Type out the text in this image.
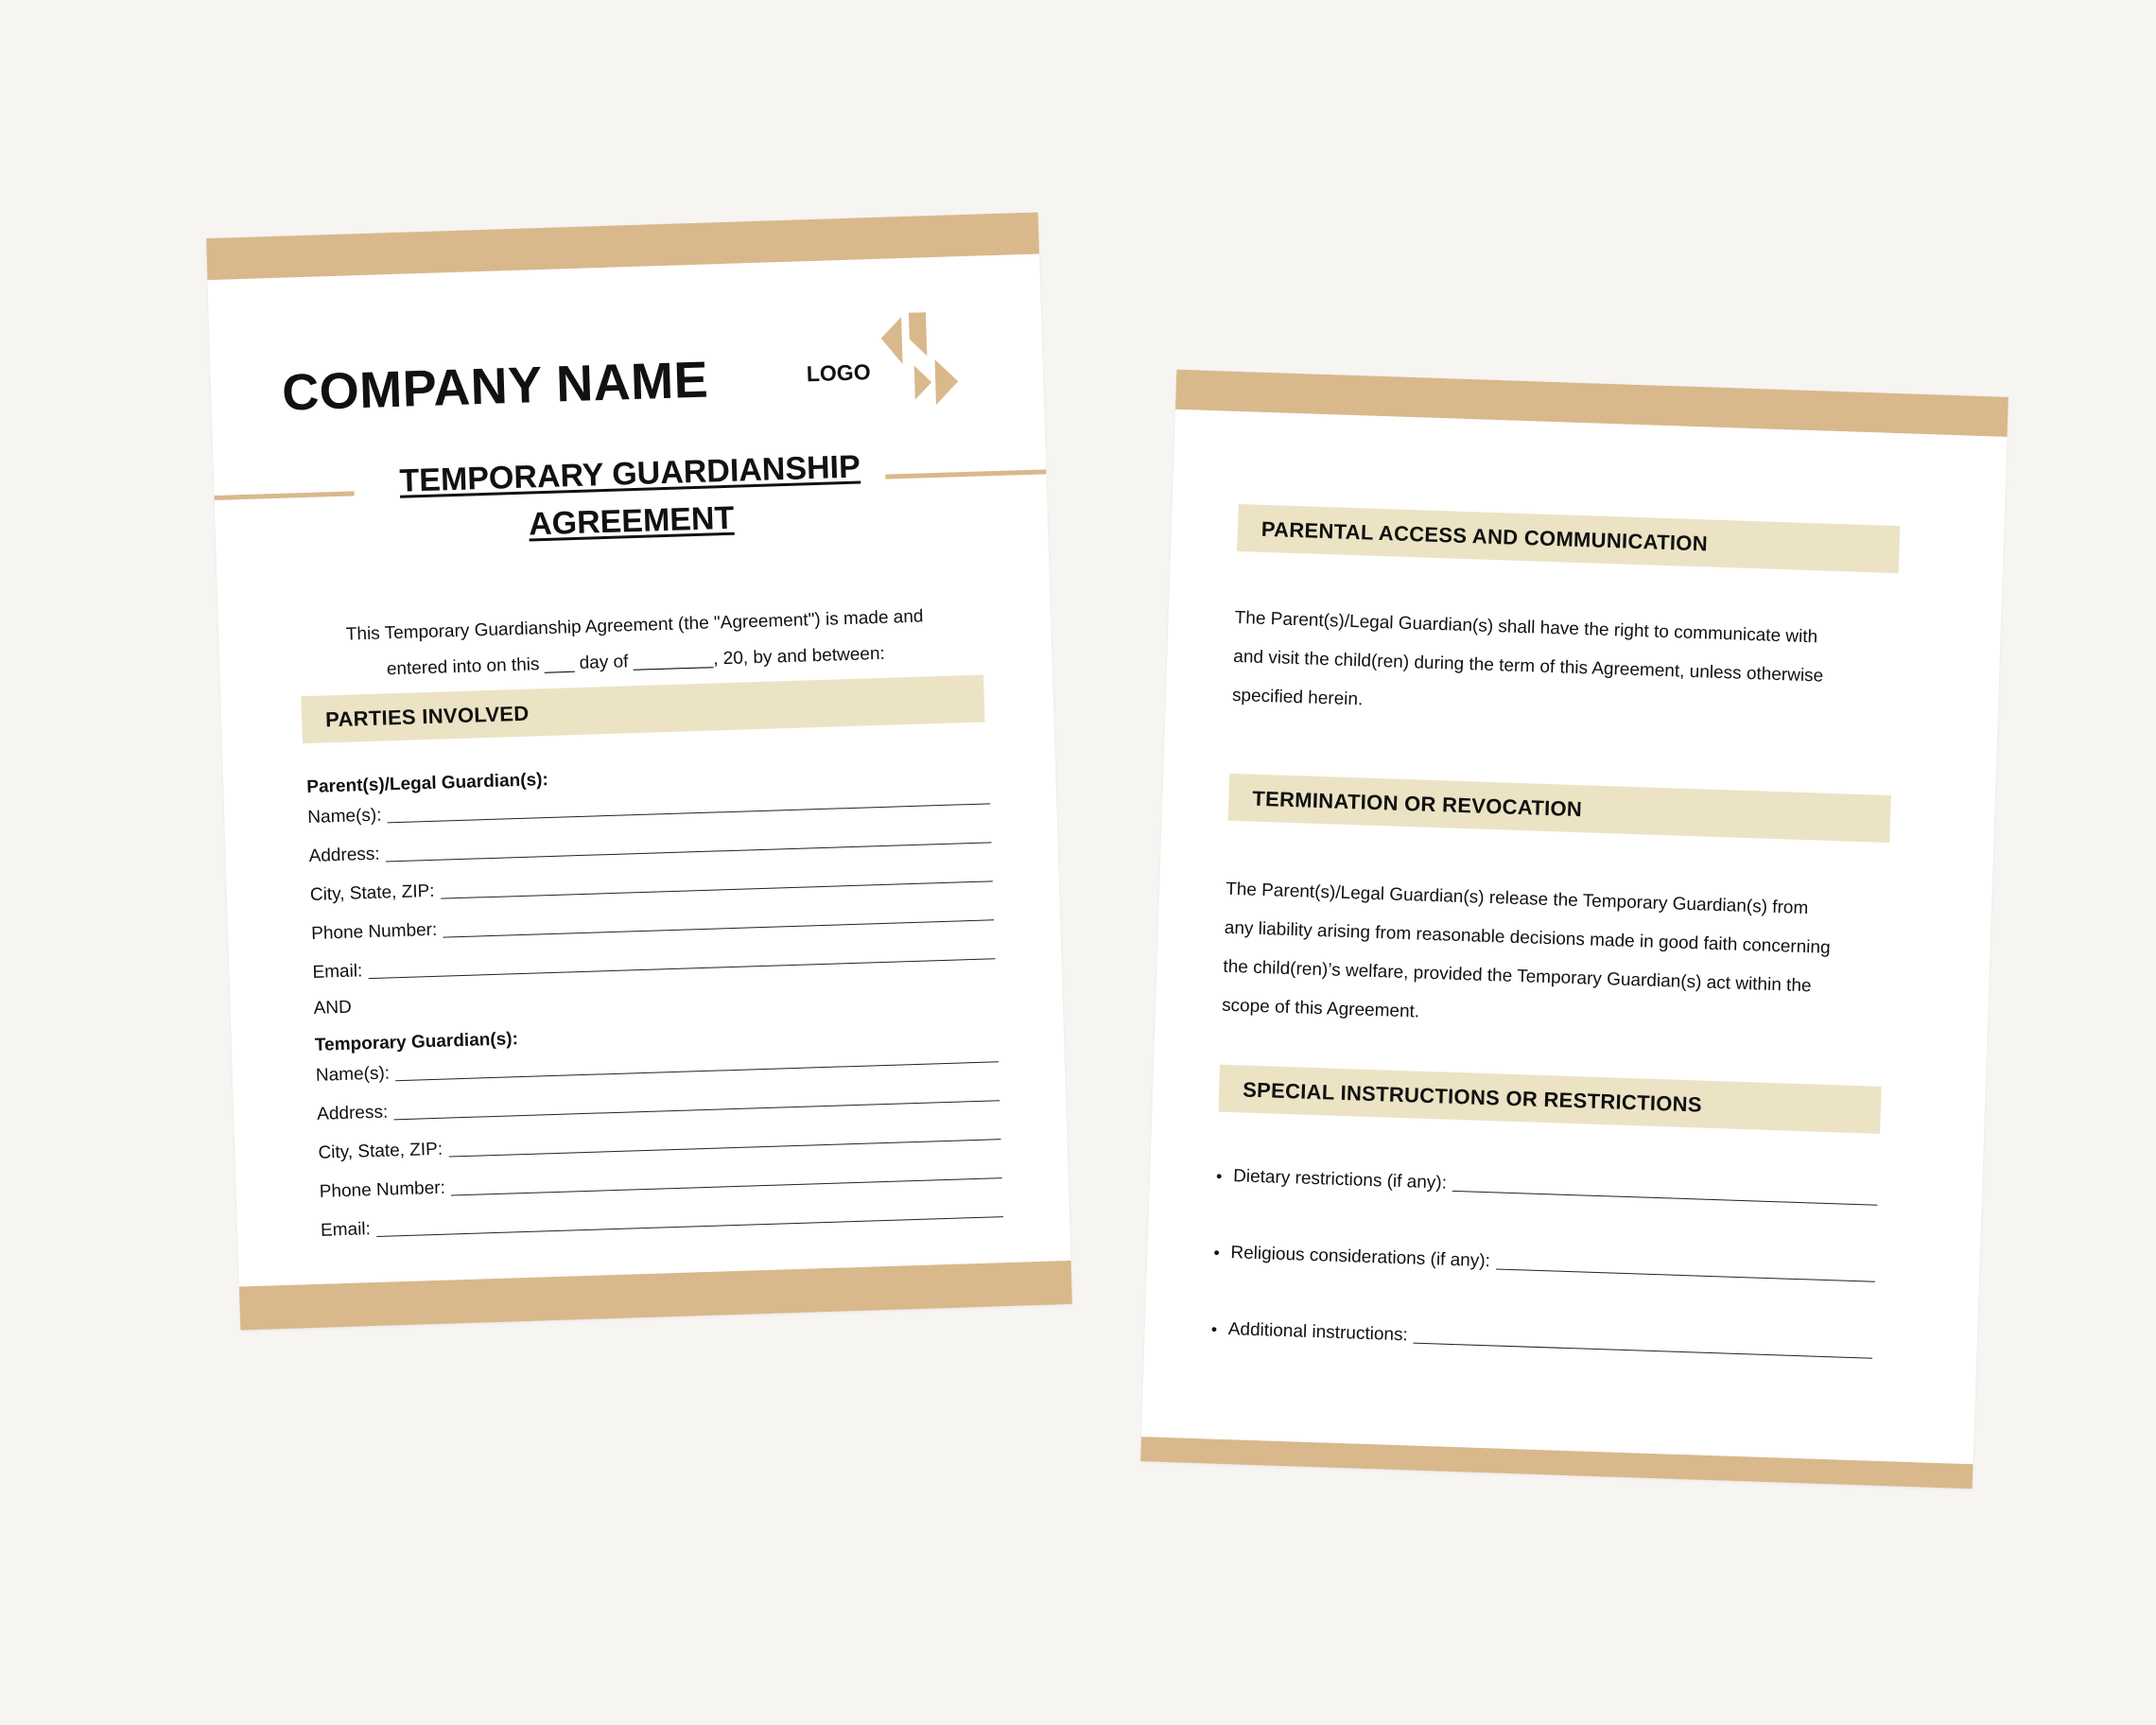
COMPANY NAME	LOGO
TEMPORARY GUARDIANSHIP
AGREEMENT
This Temporary Guardianship Agreement (the "Agreement") is made and
entered into on this ___ day of ________, 20, by and between:
PARTIES INVOLVED
Parent(s)/Legal Guardian(s):
Name(s):
Address:
City, State, ZIP:
Phone Number:
Email:
AND
Temporary Guardian(s):
Name(s):
Address:
City, State, ZIP:
Phone Number:
Email:
PARENTAL ACCESS AND COMMUNICATION
The Parent(s)/Legal Guardian(s) shall have the right to communicate with
and visit the child(ren) during the term of this Agreement, unless otherwise
specified herein.
TERMINATION OR REVOCATION
The Parent(s)/Legal Guardian(s) release the Temporary Guardian(s) from
any liability arising from reasonable decisions made in good faith concerning
the child(ren)’s welfare, provided the Temporary Guardian(s) act within the
scope of this Agreement.
SPECIAL INSTRUCTIONS OR RESTRICTIONS
• Dietary restrictions (if any):
• Religious considerations (if any):
• Additional instructions:
